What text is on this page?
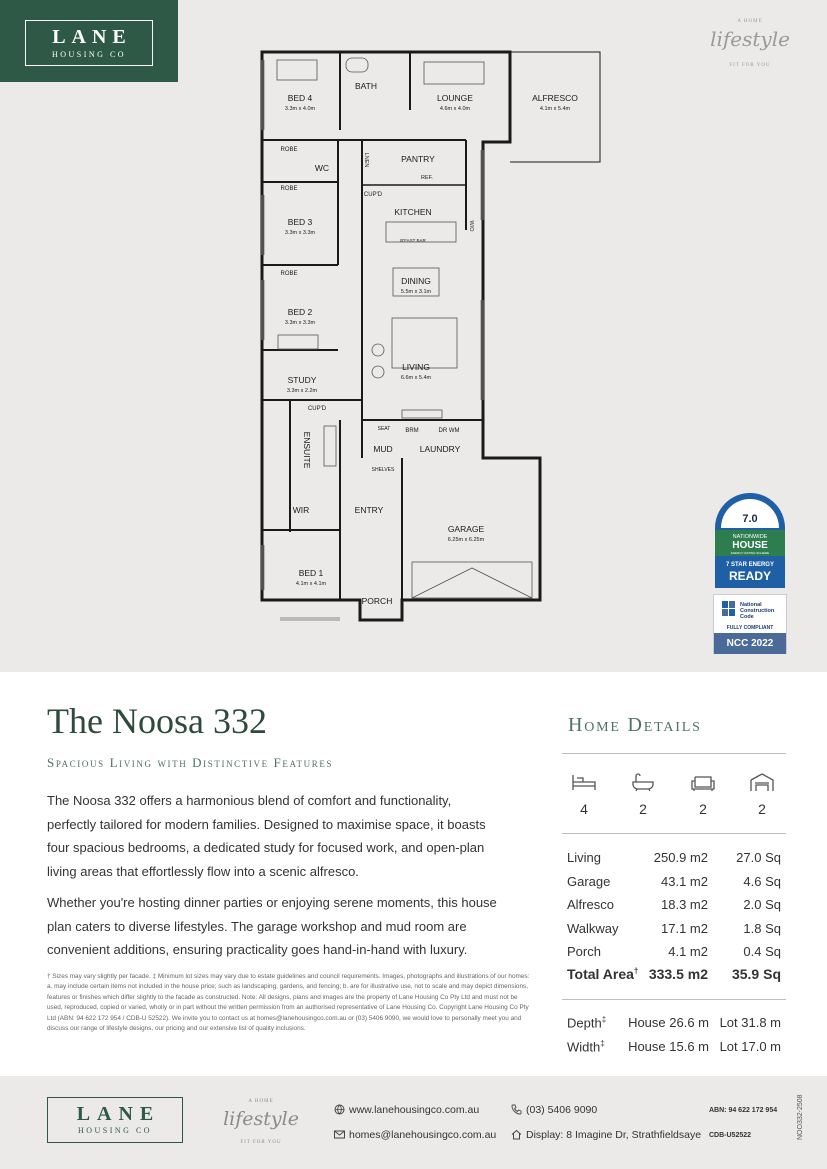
LANE
HOUSING CO
A HOME
lifestyle
FIT FOR YOU
BED 4
3.3m x 4.0m
BATH
LOUNGE
4.6m x 4.0m
ALFRESCO
4.1m x 5.4m
ROBE
WC
ROBE
PANTRY
REF.
CUP'D
KITCHEN
B'FAST BAR
BED 3
3.3m x 3.3m
ROBE
DINING
5.5m x 3.1m
BED 2
3.3m x 3.3m
LIVING
6.6m x 5.4m
STUDY
3.3m x 2.2m
CUP'D
SEAT BRM	DR WM
MUD	LAUNDRY
SHELVES
ENTRY
WIR
GARAGE
6.25m x 6.25m
BED 1
4.1m x 4.1m
PORCH
ENSUITE
LNEN
W/O
7.0
NATIONWIDE
HOUSE
ENERGY RATING SCHEME
7 STAR ENERGY
READY
National Construction Code
FULLY COMPLIANT
NCC 2022
The Noosa 332
Spacious Living with Distinctive Features

The Noosa 332 offers a harmonious blend of comfort and functionality, perfectly tailored for modern families. Designed to maximise space, it boasts four spacious bedrooms, a dedicated study for focused work, and open-plan living areas that effortlessly flow into a scenic alfresco.

Whether you're hosting dinner parties or enjoying serene moments, this house plan caters to diverse lifestyles. The garage workshop and mud room are convenient additions, ensuring practicality goes hand-in-hand with luxury.

† Sizes may vary slightly per facade. ‡ Minimum lot sizes may vary due to estate guidelines and council requirements. Images, photographs and illustrations of our homes: a. may include certain items not included in the house price; such as landscaping, gardens, and fencing; b. are for illustrative use, not to scale and may depict dimensions, features or finishes which differ slightly to the facade as constructed. Note: All designs, plans and images are the property of Lane Housing Co Pty Ltd and must not be used, reproduced, copied or varied, wholly or in part without the written permission from an authorised representative of Lane Housing Co. Copyright Lane Housing Co Pty Ltd (ABN: 94 622 172 954 / CDB-U 52522). We invite you to contact us at homes@lanehousingco.com.au or (03) 5406 9090, we would love to personally meet you and discuss our range of lifestyle designs, our pricing and our extensive list of quality inclusions.

Home Details
4	2	2	2
Living	250.9 m2 27.0 Sq
Garage	43.1 m2	4.6 Sq
Alfresco	18.3 m2	2.0 Sq
Walkway	17.1 m2	1.8 Sq
Porch	4.1 m2	0.4 Sq
Total Area† 333.5 m2 35.9 Sq
Depth‡ House 26.6 m Lot 31.8 m
Width‡ House 15.6 m Lot 17.0 m
LANE
HOUSING CO
A HOME
lifestyle
FIT FOR YOU
www.lanehousingco.com.au
homes@lanehousingco.com.au
(03) 5406 9090
Display: 8 Imagine Dr, Strathfieldsaye
ABN: 94 622 172 954
CDB-U52522	NOO332-2508
